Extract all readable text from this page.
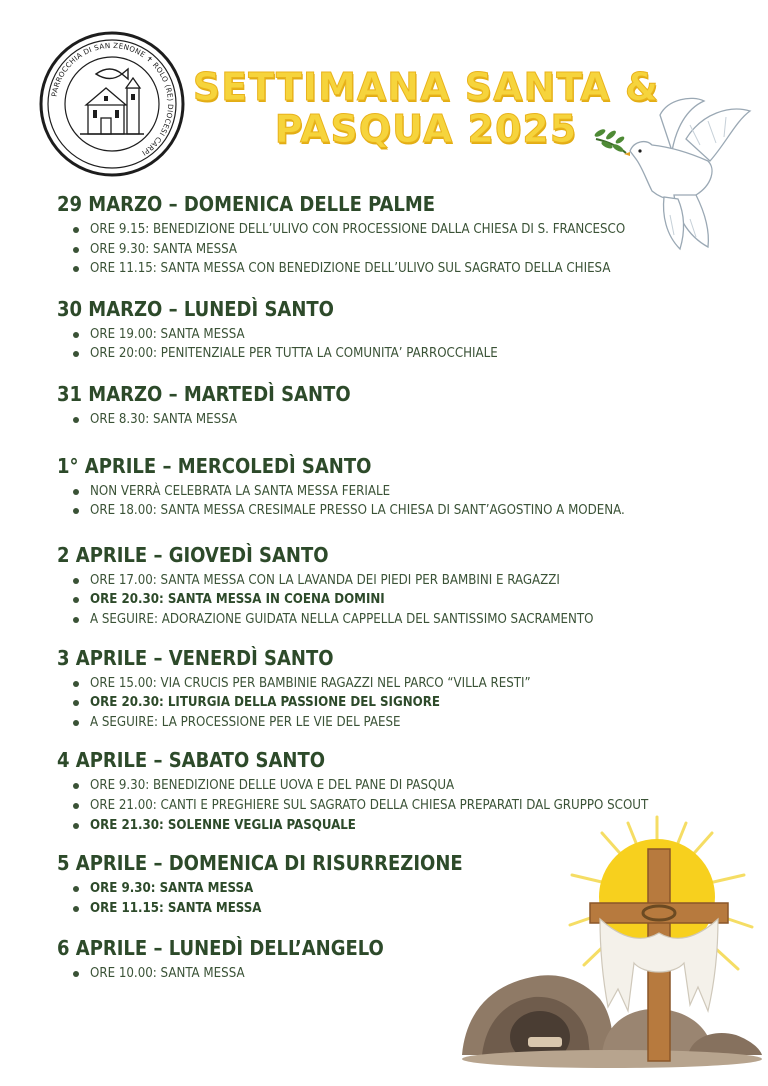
PARROCCHIA DI SAN ZENONE ✝ ROLO (RE) DIOCESI CARPI
SETTIMANA SANTA &
PASQUA 2025
29 MARZO – DOMENICA DELLE PALME
ORE 9.15: BENEDIZIONE DELL’ULIVO CON PROCESSIONE DALLA CHIESA DI S. FRANCESCO
ORE 9.30: SANTA MESSA
ORE 11.15: SANTA MESSA CON BENEDIZIONE DELL’ULIVO SUL SAGRATO DELLA CHIESA
30 MARZO – LUNEDÌ SANTO
ORE 19.00: SANTA MESSA
ORE 20:00: PENITENZIALE PER TUTTA LA COMUNITA’ PARROCCHIALE
31 MARZO – MARTEDÌ SANTO
ORE 8.30: SANTA MESSA
1° APRILE – MERCOLEDÌ SANTO
NON VERRÀ CELEBRATA LA SANTA MESSA FERIALE
ORE 18.00: SANTA MESSA CRESIMALE PRESSO LA CHIESA DI SANT’AGOSTINO A MODENA.
2 APRILE – GIOVEDÌ SANTO
ORE 17.00: SANTA MESSA CON LA LAVANDA DEI PIEDI PER BAMBINI E RAGAZZI
ORE 20.30: SANTA MESSA IN COENA DOMINI
A SEGUIRE: ADORAZIONE GUIDATA NELLA CAPPELLA DEL SANTISSIMO SACRAMENTO
3 APRILE – VENERDÌ SANTO
ORE 15.00: VIA CRUCIS PER BAMBINIE RAGAZZI NEL PARCO “VILLA RESTI”
ORE 20.30: LITURGIA DELLA PASSIONE DEL SIGNORE
A SEGUIRE: LA PROCESSIONE PER LE VIE DEL PAESE
4 APRILE – SABATO SANTO
ORE 9.30: BENEDIZIONE DELLE UOVA E DEL PANE DI PASQUA
ORE 21.00: CANTI E PREGHIERE SUL SAGRATO DELLA CHIESA PREPARATI DAL GRUPPO SCOUT
ORE 21.30: SOLENNE VEGLIA PASQUALE
5 APRILE – DOMENICA DI RISURREZIONE
ORE 9.30: SANTA MESSA
ORE 11.15: SANTA MESSA
6 APRILE – LUNEDÌ DELL’ANGELO
ORE 10.00: SANTA MESSA
